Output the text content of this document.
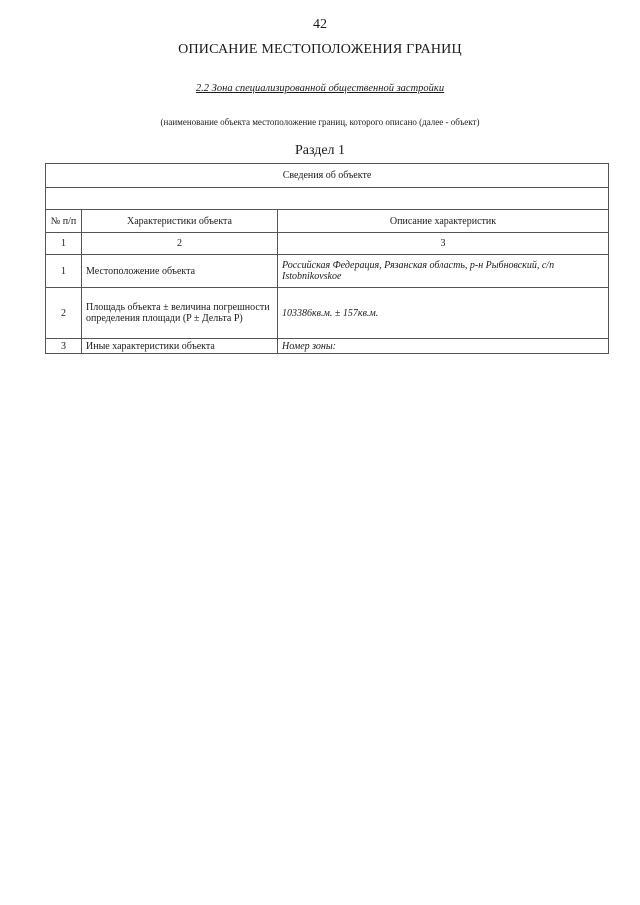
42
ОПИСАНИЕ МЕСТОПОЛОЖЕНИЯ ГРАНИЦ
2.2 Зона специализированной общественной застройки
(наименование объекта местоположение границ, которого описано (далее - объект)
Раздел 1
Сведения об объекте		

№ п/п	Характеристики объекта	Описание характеристик
1	2	3
1	Местоположение объекта	Российская Федерация, Рязанская область, р-н Рыбновский, с/п Istobnikovskoe
2	Площадь объекта ± величина погрешности определения площади (P ± Дельта P)	103386кв.м. ± 157кв.м.
3	Иные характеристики объекта	Номер зоны:
